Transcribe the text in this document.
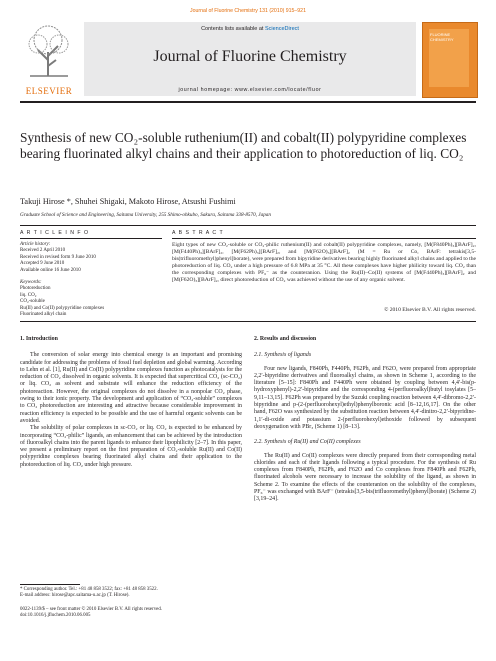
Journal of Fluorine Chemistry 131 (2010) 915–921
ELSEVIER
Contents lists available at ScienceDirect
Journal of Fluorine Chemistry
journal homepage: www.elsevier.com/locate/fluor
FLUORINE
CHEMISTRY
Synthesis of new CO₂-soluble ruthenium(II) and cobalt(II) polypyridine complexes bearing fluorinated alkyl chains and their application to photoreduction of liq. CO₂
Takuji Hirose *, Shuhei Shigaki, Makoto Hirose, Atsushi Fushimi
Graduate School of Science and Engineering, Saitama University, 255 Shimo-ohkubo, Sakura, Saitama 338-8570, Japan
A R T I C L E I N F O	A B S T R A C T
Article history:
Received 2 April 2010
Received in revised form 9 June 2010
Accepted 9 June 2010
Available online 16 June 2010
Keywords:
Photoreduction
liq. CO₂
CO₂-soluble
Ru(II) and Co(II) polypyridine complexes
Fluorinated alkyl chain
Eight types of new CO₂-soluble or CO₂-philic ruthenium(II) and cobalt(II) polypyridine complexes, namely, [M(F840Ph)₃][BArF]₂, [M(F440Ph)₃][BArF]₂, [M(F62Ph)₃][BArF]₂, and [M(F62O)₃][BArF]₂ (M = Ru or Co, BArF: tetrakis[3,5-bis(trifluoromethyl)phenyl]borate), were prepared from bipyridine derivatives bearing highly fluorinated alkyl chains and applied to the photoreduction of liq. CO₂ under a high pressure of 6.8 MPa at 35 °C. All these complexes have higher philicity toward liq. CO₂ than the corresponding complexes with PF₆⁻ as the counteranion. Using the Ru(II)–Co(II) systems of [M(F440Ph)₃][BArF]₂ and [M(F62O)₃][BArF]₂, direct photoreduction of CO₂ was achieved without the use of any organic solvent.
© 2010 Elsevier B.V. All rights reserved.
1. Introduction
The conversion of solar energy into chemical energy is an important and promising candidate for addressing the problems of fossil fuel depletion and global warming. According to Lehn et al. [1], Ru(II) and Co(II) polypyridine complexes function as photocatalysts for the reduction of CO₂ dissolved in organic solvents. It is expected that supercritical CO₂ (sc-CO₂) or liq. CO₂ as solvent and substrate will enhance the reduction efficiency of the photoreaction. However, the original complexes do not dissolve in a nonpolar CO₂ phase, owing to their ionic property. The development and application of “CO₂-soluble” complexes to CO₂ photoreduction are interesting and attractive because considerable improvement in reaction efficiency is expected to be possible and the use of harmful organic solvents can be avoided.
The solubility of polar complexes in sc-CO₂ or liq. CO₂ is expected to be enhanced by incorporating “CO₂-philic” ligands, an enhancement that can be achieved by the introduction of fluoroalkyl chains into the parent ligands to enhance their lipophilicity [2–7]. In this paper, we present a preliminary report on the first preparation of CO₂-soluble Ru(II) and Co(II) polypyridine complexes bearing fluorinated alkyl chains and their application to the photoreduction of liq. CO₂ under high pressure.
2. Results and discussion
2.1. Synthesis of ligands
Four new ligands, F840Ph, F440Ph, F62Ph, and F62O, were prepared from appropriate 2,2′-bipyridine derivatives and fluoroalkyl chains, as shown in Scheme 1, according to the literature [5–15]: F840Ph and F440Ph were obtained by coupling between 4,4′-bis(p-hydroxyphenyl)-2,2′-bipyridine and the corresponding 4-(perfluoroalkyl)butyl tosylates [5–9,11–13,15]. F62Ph was prepared by the Suzuki coupling reaction between 4,4′-dibromo-2,2′-bipyridine and p-(2-(perfluorohexyl)ethyl)phenylboronic acid [8–12,16,17]. On the other hand, F62O was synthesized by the substitution reaction between 4,4′-dinitro-2,2′-bipyridine-1,1′-di-oxide and potassium 2-(perfluorohexyl)ethoxide followed by subsequent deoxygenation with PBr₃ (Scheme 1) [8–13].
2.2. Synthesis of Ru(II) and Co(II) complexes
The Ru(II) and Co(II) complexes were directly prepared from their corresponding metal chlorides and each of their ligands following a typical procedure. For the synthesis of Ru complexes from F840Ph, F62Ph, and F62O and Co complexes from F840Ph and F62Ph, fluorinated alcohols were necessary to increase the solubility of the ligand, as shown in Scheme 2. To examine the effects of the counteranion on the solubility of the complexes, PF₆⁻ was exchanged with BArF⁻ (tetrakis[3,5-bis(trifluoromethyl)phenyl]borate) (Scheme 2) [3,19–24].
* Corresponding author. Tel.: +81 48 858 3522; fax: +81 48 858 3522.
E-mail address: hirose@apc.saitama-u.ac.jp (T. Hirose).
0022-1139/$ – see front matter © 2010 Elsevier B.V. All rights reserved.
doi:10.1016/j.jfluchem.2010.06.005
